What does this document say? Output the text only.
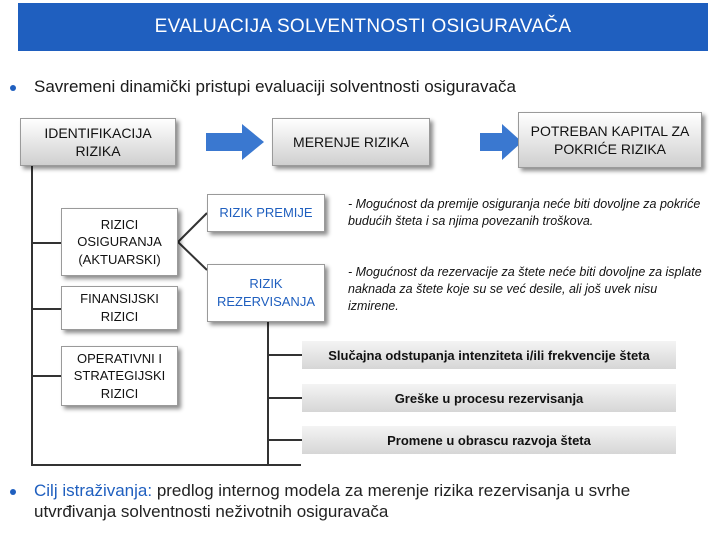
EVALUACIJA SOLVENTNOSTI OSIGURAVAČA
Savremeni dinamički pristupi evaluaciji solventnosti osiguravača
IDENTIFIKACIJA RIZIKA
MERENJE RIZIKA
POTREBAN KAPITAL ZA POKRIĆE RIZIKA
RIZICI OSIGURANJA (AKTUARSKI)
FINANSIJSKI RIZICI
OPERATIVNI I STRATEGIJSKI RIZICI
RIZIK PREMIJE
RIZIK REZERVISANJA
- Mogućnost da premije osiguranja neće biti dovoljne za pokriće budućih šteta i sa njima povezanih troškova.
- Mogućnost da rezervacije za štete neće biti dovoljne za isplate naknada za štete koje su se već desile, ali još uvek nisu izmirene.
Slučajna odstupanja intenziteta i/ili frekvencije šteta
Greške u procesu rezervisanja
Promene u obrascu razvoja šteta
Cilj istraživanja: predlog internog modela za merenje rizika rezervisanja u svrhe utvrđivanja solventnosti neživotnih osiguravača
